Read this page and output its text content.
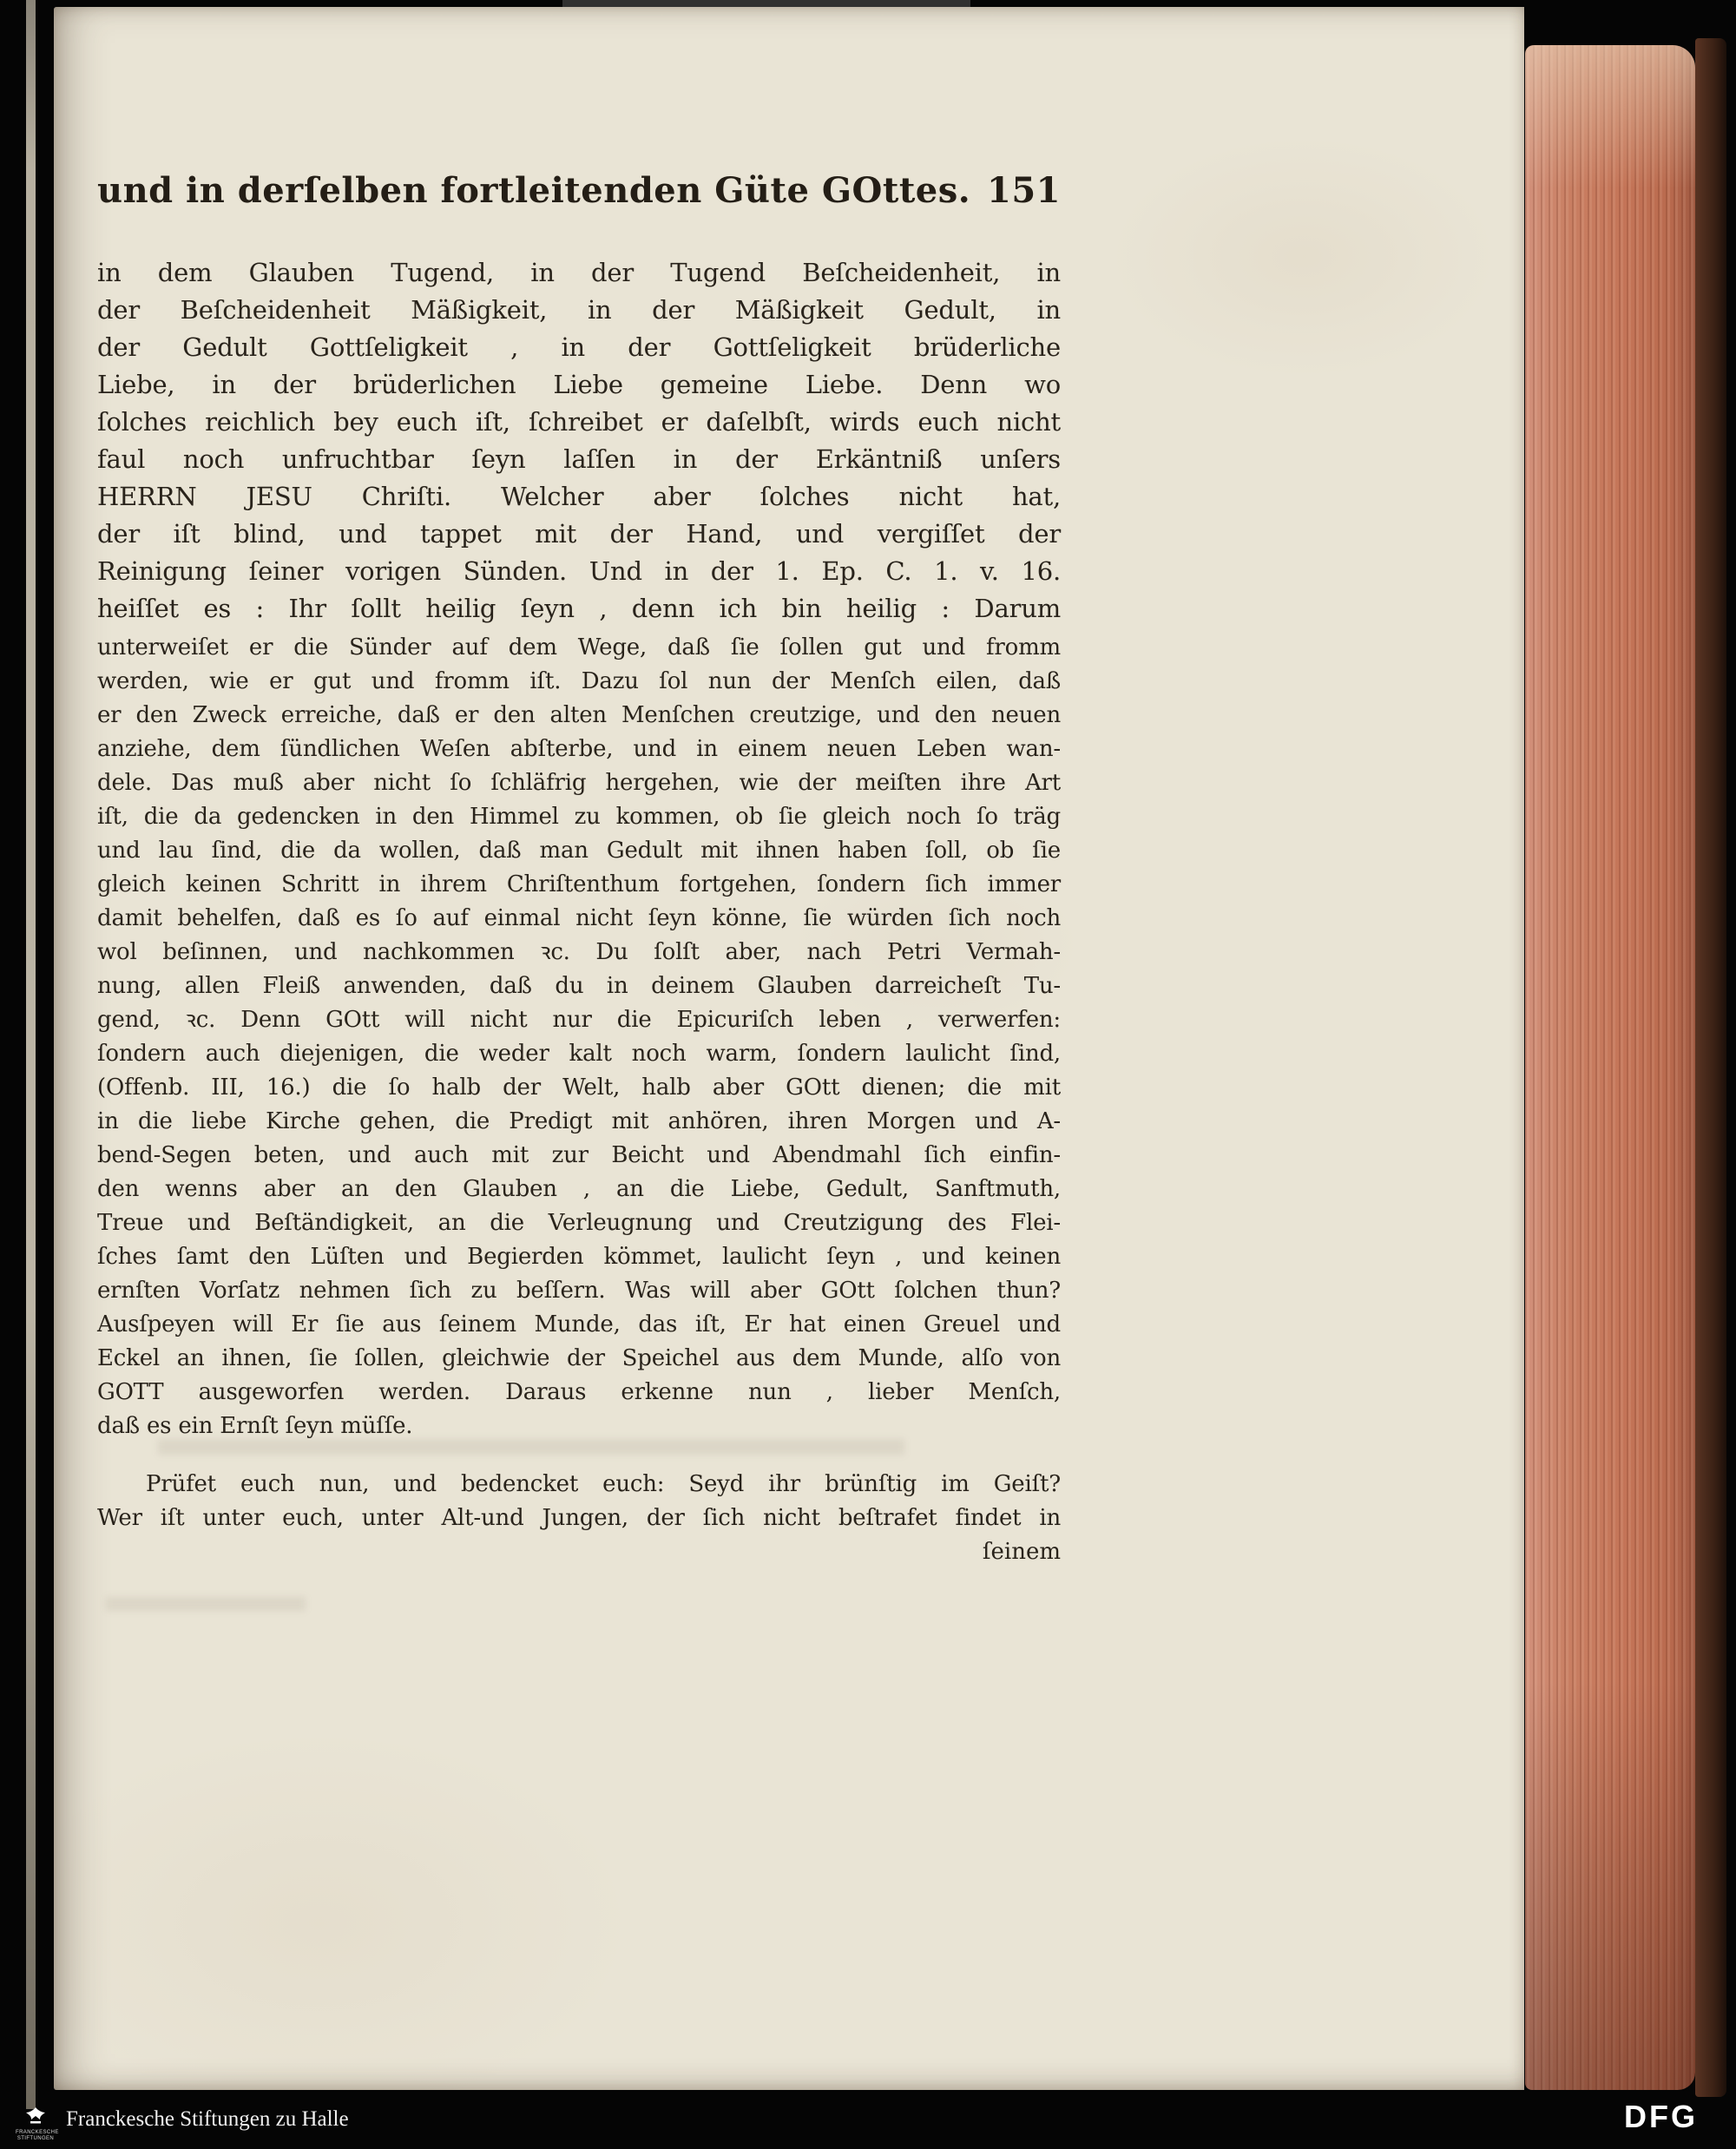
und in derſelben fortleitenden Güte GOttes. 151
in dem Glauben Tugend, in der Tugend Beſcheidenheit, in
der Beſcheidenheit Mäßigkeit, in der Mäßigkeit Gedult, in
der Gedult Gottſeligkeit , in der Gottſeligkeit brüderliche
Liebe, in der brüderlichen Liebe gemeine Liebe. Denn wo
ſolches reichlich bey euch iſt, ſchreibet er daſelbſt, wirds euch nicht
faul noch unfruchtbar ſeyn laſſen in der Erkäntniß unſers
HERRN JESU Chriſti. Welcher aber ſolches nicht hat,
der iſt blind, und tappet mit der Hand, und vergiſſet der
Reinigung ſeiner vorigen Sünden. Und in der 1. Ep. C. 1. v. 16.
heiſſet es : Ihr ſollt heilig ſeyn , denn ich bin heilig : Darum
unterweiſet er die Sünder auf dem Wege, daß ſie ſollen gut und fromm
werden, wie er gut und fromm iſt. Dazu ſol nun der Menſch eilen, daß
er den Zweck erreiche, daß er den alten Menſchen creutzige, und den neuen
anziehe, dem ſündlichen Weſen abſterbe, und in einem neuen Leben wan-
dele. Das muß aber nicht ſo ſchläfrig hergehen, wie der meiſten ihre Art
iſt, die da gedencken in den Himmel zu kommen, ob ſie gleich noch ſo träg
und lau ſind, die da wollen, daß man Gedult mit ihnen haben ſoll, ob ſie
gleich keinen Schritt in ihrem Chriſtenthum fortgehen, ſondern ſich immer
damit behelfen, daß es ſo auf einmal nicht ſeyn könne, ſie würden ſich noch
wol beſinnen, und nachkommen ꝛc. Du ſolſt aber, nach Petri Vermah-
nung, allen Fleiß anwenden, daß du in deinem Glauben darreicheſt Tu-
gend, ꝛc. Denn GOtt will nicht nur die Epicuriſch leben , verwerfen:
ſondern auch diejenigen, die weder kalt noch warm, ſondern laulicht ſind,
(Offenb. III, 16.) die ſo halb der Welt, halb aber GOtt dienen; die mit
in die liebe Kirche gehen, die Predigt mit anhören, ihren Morgen und A-
bend-Segen beten, und auch mit zur Beicht und Abendmahl ſich einfin-
den wenns aber an den Glauben , an die Liebe, Gedult, Sanftmuth,
Treue und Beſtändigkeit, an die Verleugnung und Creutzigung des Flei-
ſches ſamt den Lüſten und Begierden kömmet, laulicht ſeyn , und keinen
ernſten Vorſatz nehmen ſich zu beſſern. Was will aber GOtt ſolchen thun?
Ausſpeyen will Er ſie aus ſeinem Munde, das iſt, Er hat einen Greuel und
Eckel an ihnen, ſie ſollen, gleichwie der Speichel aus dem Munde, alſo von
GOTT ausgeworfen werden. Daraus erkenne nun , lieber Menſch,
daß es ein Ernſt ſeyn müſſe.
Prüfet euch nun, und bedencket euch: Seyd ihr brünſtig im Geiſt?
Wer iſt unter euch, unter Alt-und Jungen, der ſich nicht beſtrafet findet in
ſeinem
FRANCKESCHE
STIFTUNGEN
Franckesche Stiftungen zu Halle	DFG
